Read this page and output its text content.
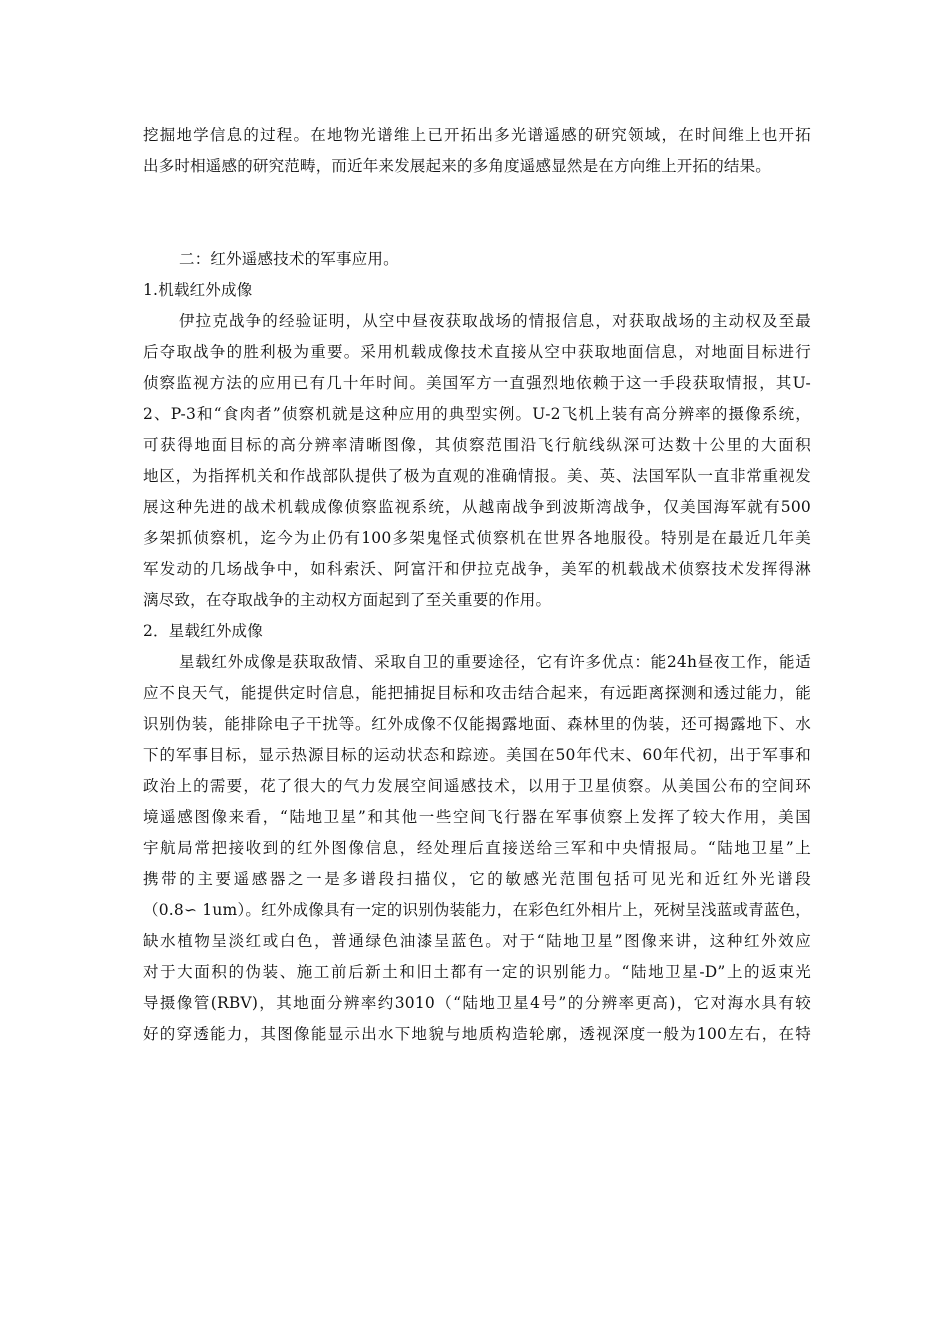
挖掘地学信息的过程。在地物光谱维上已开拓出多光谱遥感的研究领域，在时间维上也开拓
出多时相遥感的研究范畴，而近年来发展起来的多角度遥感显然是在方向维上开拓的结果。
二：红外遥感技术的军事应用。
1.机载红外成像
伊拉克战争的经验证明，从空中昼夜获取战场的情报信息，对获取战场的主动权及至最
后夺取战争的胜利极为重要。采用机载成像技术直接从空中获取地面信息，对地面目标进行
侦察监视方法的应用已有几十年时间。美国军方一直强烈地依赖于这一手段获取情报，其U-
2、P-3和“食肉者”侦察机就是这种应用的典型实例。U-2飞机上装有高分辨率的摄像系统，
可获得地面目标的高分辨率清晰图像，其侦察范围沿飞行航线纵深可达数十公里的大面积
地区，为指挥机关和作战部队提供了极为直观的准确情报。美、英、法国军队一直非常重视发
展这种先进的战术机载成像侦察监视系统，从越南战争到波斯湾战争，仅美国海军就有500
多架抓侦察机，迄今为止仍有100多架鬼怪式侦察机在世界各地服役。特别是在最近几年美
军发动的几场战争中，如科索沃、阿富汗和伊拉克战争，美军的机载战术侦察技术发挥得淋
漓尽致，在夺取战争的主动权方面起到了至关重要的作用。
2．星载红外成像
星载红外成像是获取敌情、采取自卫的重要途径，它有许多优点：能24h昼夜工作，能适
应不良天气，能提供定时信息，能把捕捉目标和攻击结合起来，有远距离探测和透过能力，能
识别伪装，能排除电子干扰等。红外成像不仅能揭露地面、森林里的伪装，还可揭露地下、水
下的军事目标，显示热源目标的运动状态和踪迹。美国在50年代末、60年代初，出于军事和
政治上的需要，花了很大的气力发展空间遥感技术，以用于卫星侦察。从美国公布的空间环
境遥感图像来看，“陆地卫星”和其他一些空间飞行器在军事侦察上发挥了较大作用，美国
宇航局常把接收到的红外图像信息，经处理后直接送给三军和中央情报局。“陆地卫星”上
携带的主要遥感器之一是多谱段扫描仪，它的敏感光范围包括可见光和近红外光谱段
（0.8∽ 1um）。红外成像具有一定的识别伪装能力，在彩色红外相片上，死树呈浅蓝或青蓝色，
缺水植物呈淡红或白色，普通绿色油漆呈蓝色。对于“陆地卫星”图像来讲，这种红外效应
对于大面积的伪装、施工前后新土和旧土都有一定的识别能力。“陆地卫星-D”上的返束光
导摄像管(RBV)，其地面分辨率约3010（“陆地卫星4号”的分辨率更高)，它对海水具有较
好的穿透能力，其图像能显示出水下地貌与地质构造轮廓，透视深度一般为100左右，在特
